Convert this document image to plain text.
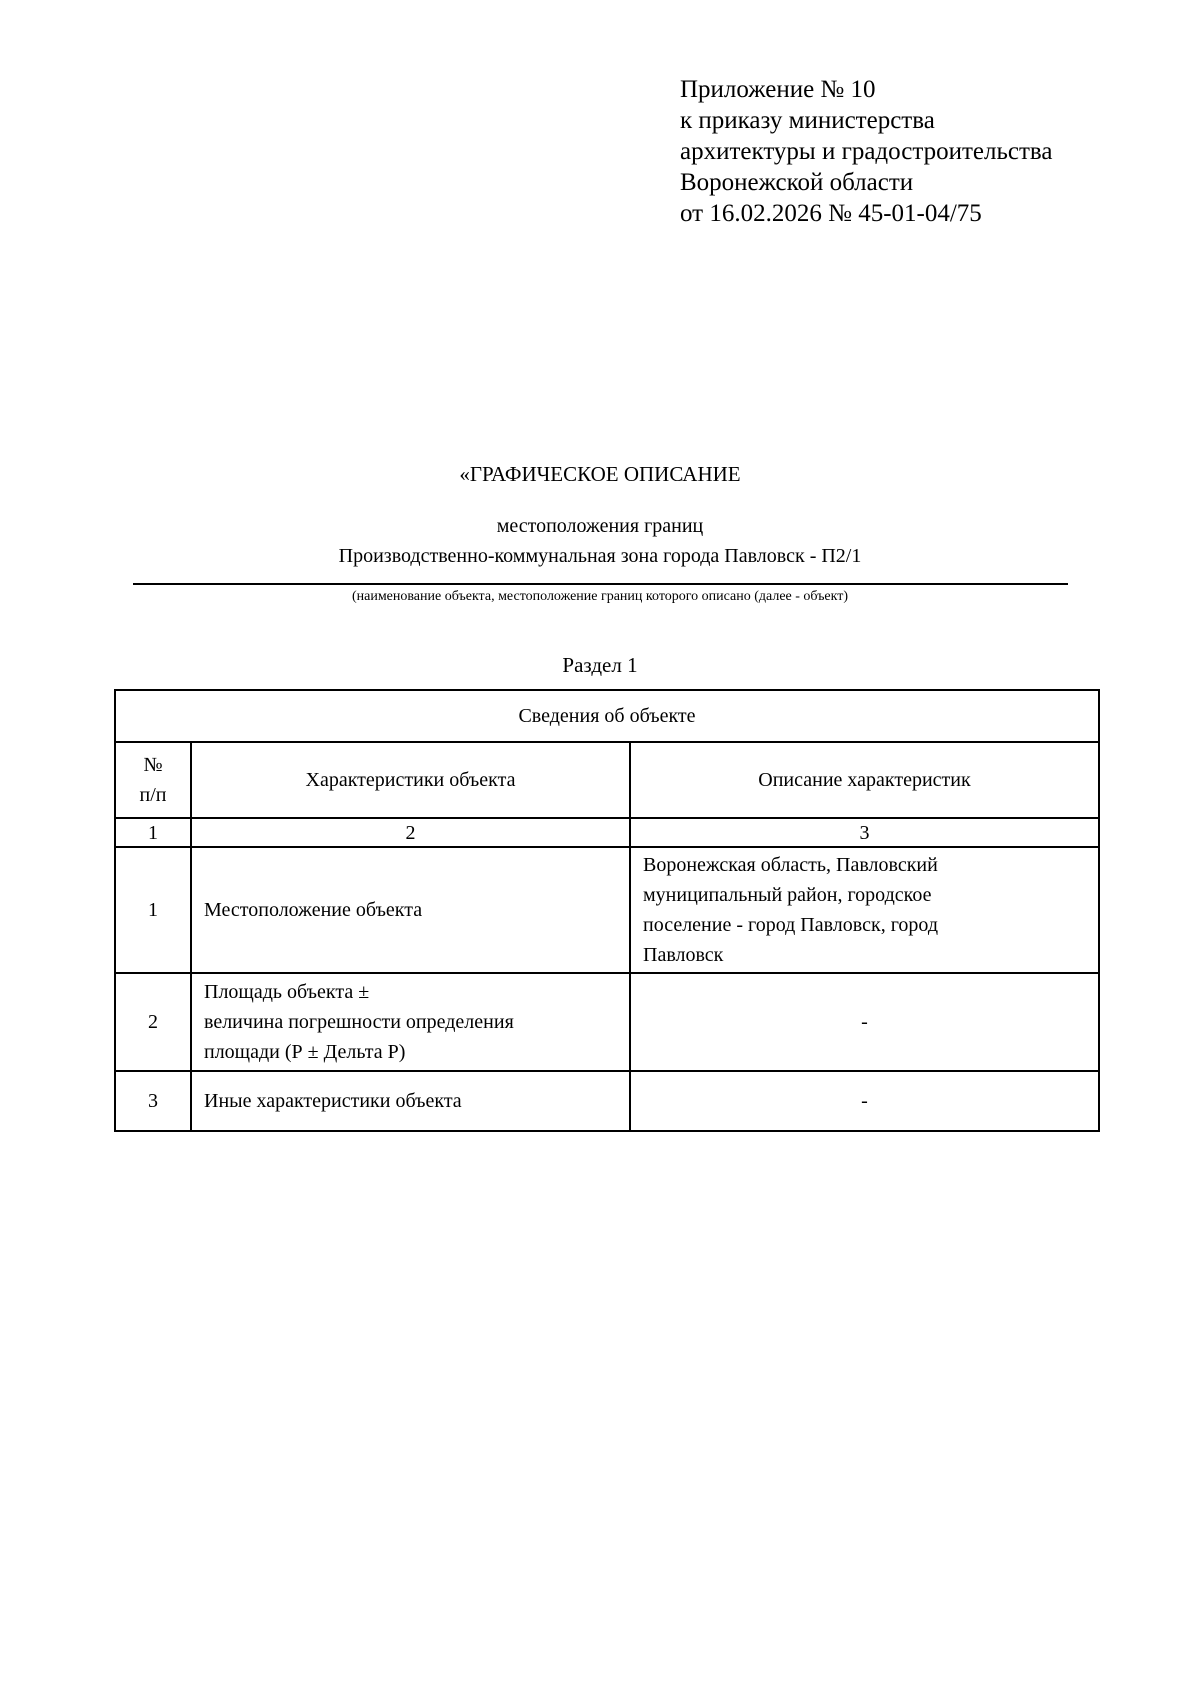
Приложение № 10
к приказу министерства
архитектуры и градостроительства
Воронежской области
от 16.02.2026 № 45-01-04/75
«ГРАФИЧЕСКОЕ ОПИСАНИЕ
местоположения границ
Производственно-коммунальная зона города Павловск - П2/1
(наименование объекта, местоположение границ которого описано (далее - объект)
Раздел 1
Сведения об объекте		

№
п/п	Характеристики объекта	Описание характеристик
1	2	3
1	Местоположение объекта	Воронежская область, Павловский
муниципальный район, городское
поселение - город Павловск, город
Павловск

2	Площадь объекта ±
величина погрешности определения
площади (Р ± Дельта Р)	-

3	Иные характеристики объекта	-
